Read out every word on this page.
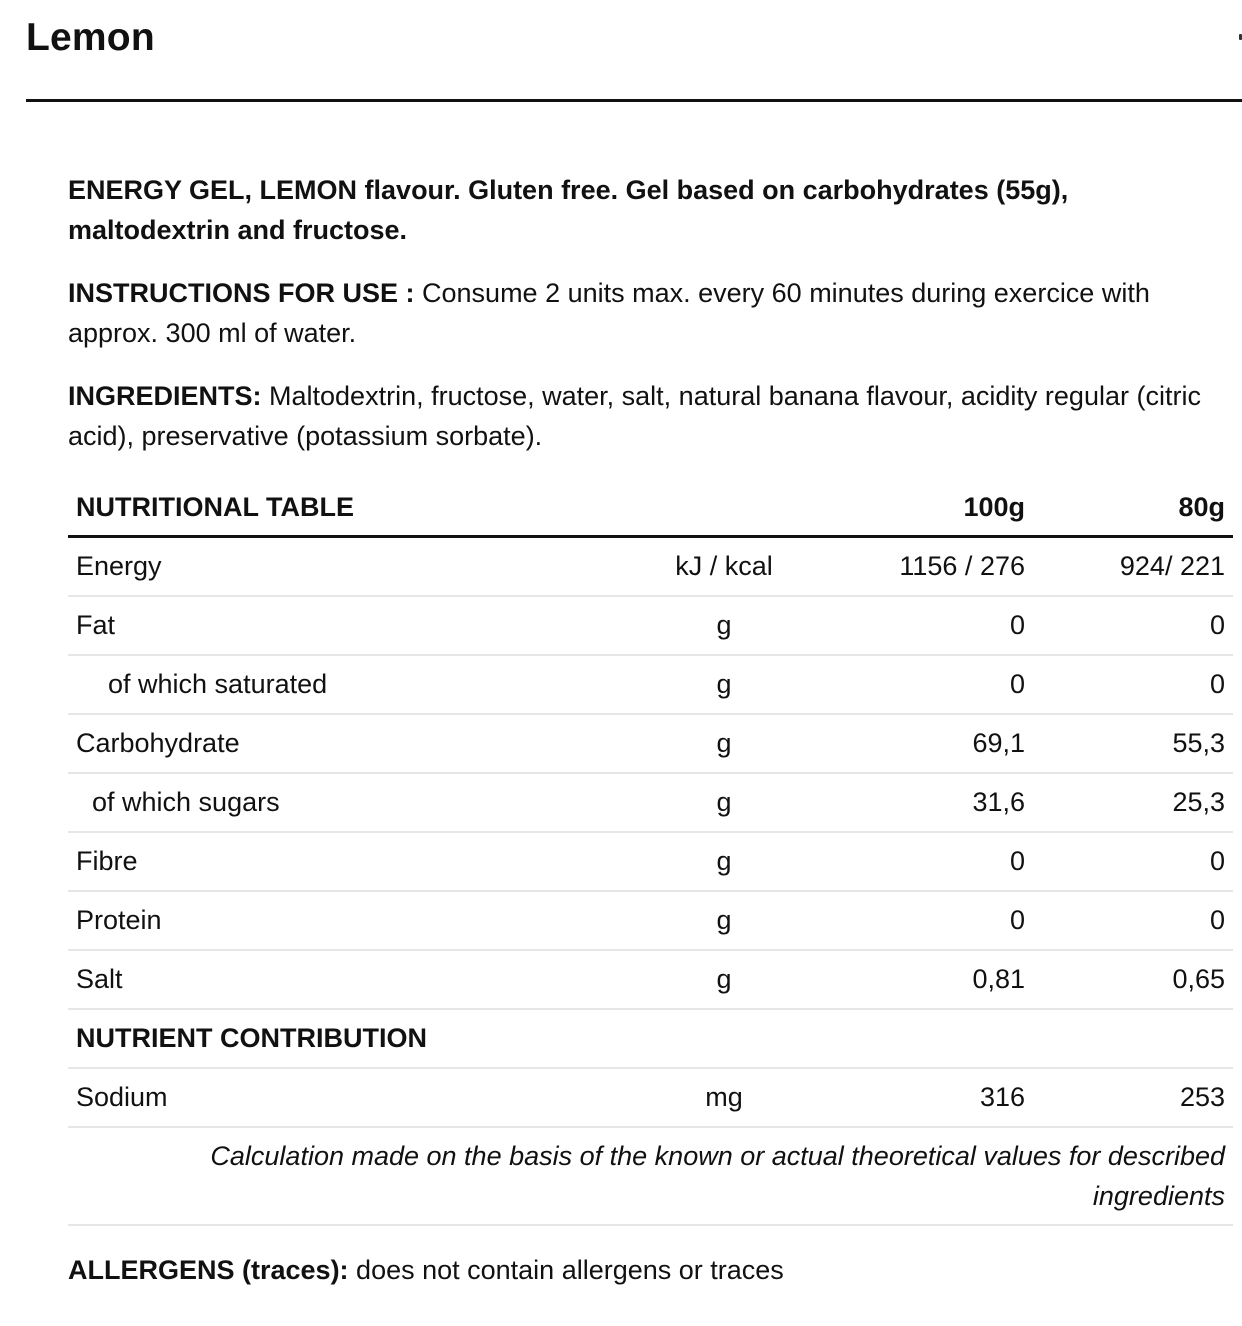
Lemon

ENERGY GEL, LEMON flavour. Gluten free. Gel based on carbohydrates (55g), maltodextrin and fructose.

INSTRUCTIONS FOR USE : Consume 2 units max. every 60 minutes during exercice with approx. 300 ml of water.

INGREDIENTS: Maltodextrin, fructose, water, salt, natural banana flavour, acidity regular (citric acid), preservative (potassium sorbate).

NUTRITIONAL TABLE		100g	80g
Energy	kJ / kcal	1156 / 276	924/ 221
Fat	g	0	0
of which saturated	g	0	0
Carbohydrate	g	69,1	55,3
of which sugars	g	31,6	25,3
Fibre	g	0	0
Protein	g	0	0
Salt	g	0,81	0,65
NUTRIENT CONTRIBUTION			
Sodium	mg	316	253
Calculation made on the basis of the known or actual theoretical values for described ingredients			
ALLERGENS (traces): does not contain allergens or traces
